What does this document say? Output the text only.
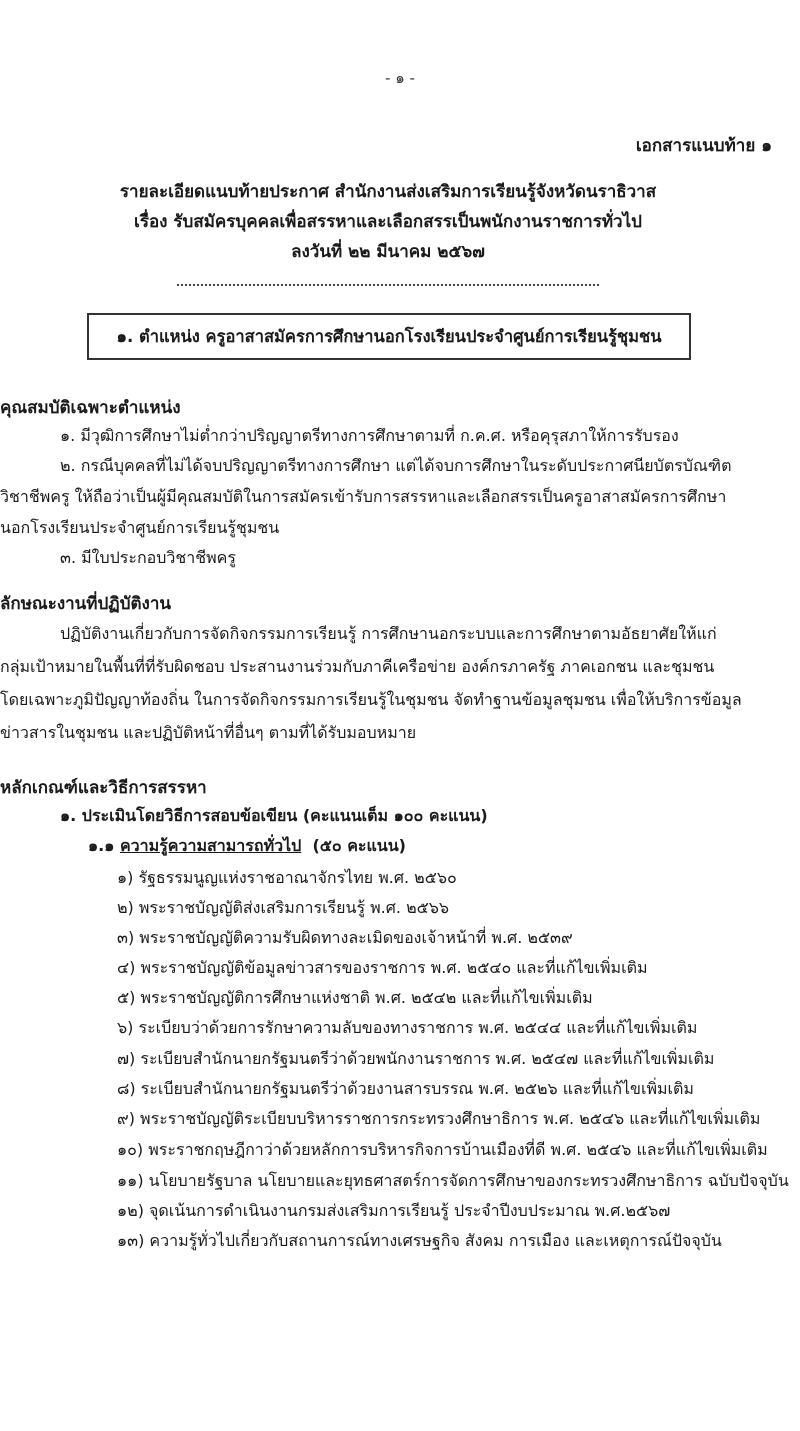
- ๑ -
เอกสารแนบท้าย ๑
รายละเอียดแนบท้ายประกาศ สำนักงานส่งเสริมการเรียนรู้จังหวัดนราธิวาส
เรื่อง รับสมัครบุคคลเพื่อสรรหาและเลือกสรรเป็นพนักงานราชการทั่วไป
ลงวันที่ ๒๒ มีนาคม ๒๕๖๗
๑. ตำแหน่ง ครูอาสาสมัครการศึกษานอกโรงเรียนประจำศูนย์การเรียนรู้ชุมชน
คุณสมบัติเฉพาะตำแหน่ง
๑. มีวุฒิการศึกษาไม่ต่ำกว่าปริญญาตรีทางการศึกษาตามที่ ก.ค.ศ. หรือคุรุสภาให้การรับรอง
๒. กรณีบุคคลที่ไม่ได้จบปริญญาตรีทางการศึกษา แต่ได้จบการศึกษาในระดับประกาศนียบัตรบัณฑิต
วิชาชีพครู ให้ถือว่าเป็นผู้มีคุณสมบัติในการสมัครเข้ารับการสรรหาและเลือกสรรเป็นครูอาสาสมัครการศึกษา
นอกโรงเรียนประจำศูนย์การเรียนรู้ชุมชน
๓. มีใบประกอบวิชาชีพครู
ลักษณะงานที่ปฏิบัติงาน
ปฏิบัติงานเกี่ยวกับการจัดกิจกรรมการเรียนรู้ การศึกษานอกระบบและการศึกษาตามอัธยาศัยให้แก่
กลุ่มเป้าหมายในพื้นที่ที่รับผิดชอบ ประสานงานร่วมกับภาคีเครือข่าย องค์กรภาครัฐ ภาคเอกชน และชุมชน
โดยเฉพาะภูมิปัญญาท้องถิ่น ในการจัดกิจกรรมการเรียนรู้ในชุมชน จัดทำฐานข้อมูลชุมชน เพื่อให้บริการข้อมูล
ข่าวสารในชุมชน และปฏิบัติหน้าที่อื่นๆ ตามที่ได้รับมอบหมาย
หลักเกณฑ์และวิธีการสรรหา
๑. ประเมินโดยวิธีการสอบข้อเขียน (คะแนนเต็ม ๑๐๐ คะแนน)
๑.๑ ความรู้ความสามารถทั่วไป (๕๐ คะแนน)
๑) รัฐธรรมนูญแห่งราชอาณาจักรไทย พ.ศ. ๒๕๖๐
๒) พระราชบัญญัติส่งเสริมการเรียนรู้ พ.ศ. ๒๕๖๖
๓) พระราชบัญญัติความรับผิดทางละเมิดของเจ้าหน้าที่ พ.ศ. ๒๕๓๙
๔) พระราชบัญญัติข้อมูลข่าวสารของราชการ พ.ศ. ๒๕๔๐ และที่แก้ไขเพิ่มเติม
๕) พระราชบัญญัติการศึกษาแห่งชาติ พ.ศ. ๒๕๔๒ และที่แก้ไขเพิ่มเติม
๖) ระเบียบว่าด้วยการรักษาความลับของทางราชการ พ.ศ. ๒๕๔๔ และที่แก้ไขเพิ่มเติม
๗) ระเบียบสำนักนายกรัฐมนตรีว่าด้วยพนักงานราชการ พ.ศ. ๒๕๔๗ และที่แก้ไขเพิ่มเติม
๘) ระเบียบสำนักนายกรัฐมนตรีว่าด้วยงานสารบรรณ พ.ศ. ๒๕๒๖ และที่แก้ไขเพิ่มเติม
๙) พระราชบัญญัติระเบียบบริหารราชการกระทรวงศึกษาธิการ พ.ศ. ๒๕๔๖ และที่แก้ไขเพิ่มเติม
๑๐) พระราชกฤษฎีกาว่าด้วยหลักการบริหารกิจการบ้านเมืองที่ดี พ.ศ. ๒๕๔๖ และที่แก้ไขเพิ่มเติม
๑๑) นโยบายรัฐบาล นโยบายและยุทธศาสตร์การจัดการศึกษาของกระทรวงศึกษาธิการ ฉบับปัจจุบัน
๑๒) จุดเน้นการดำเนินงานกรมส่งเสริมการเรียนรู้ ประจำปีงบประมาณ พ.ศ.๒๕๖๗
๑๓) ความรู้ทั่วไปเกี่ยวกับสถานการณ์ทางเศรษฐกิจ สังคม การเมือง และเหตุการณ์ปัจจุบัน
